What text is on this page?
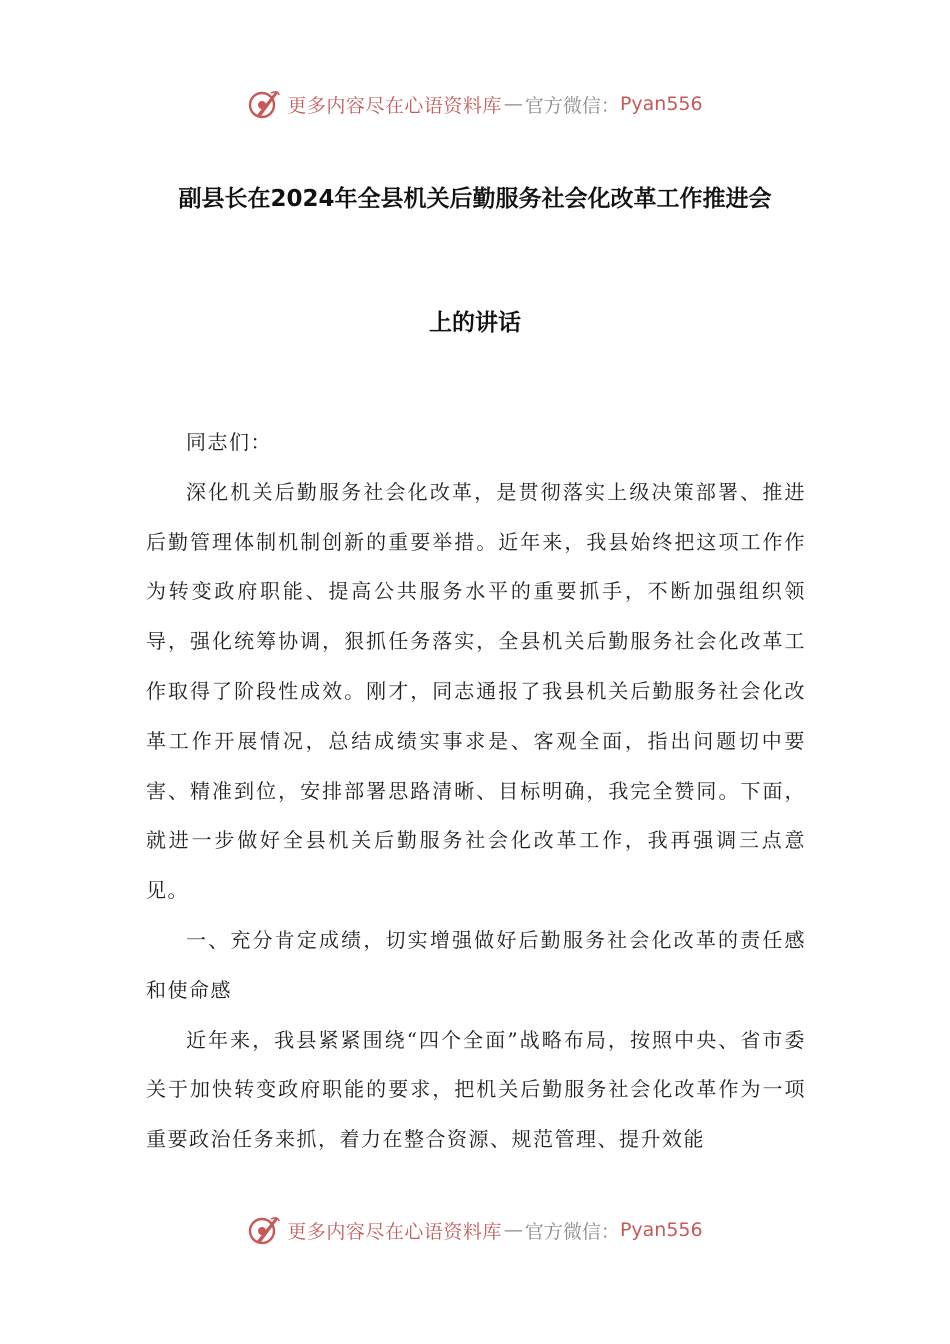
更多内容尽在心语资料库 — 官方微信： Pyan556
副县长在2024年全县机关后勤服务社会化改革工作推进会
上的讲话

同志们：

深化机关后勤服务社会化改革，是贯彻落实上级决策部署、推进后勤管理体制机制创新的重要举措。近年来，我县始终把这项工作作为转变政府职能、提高公共服务水平的重要抓手，不断加强组织领导，强化统筹协调，狠抓任务落实，全县机关后勤服务社会化改革工作取得了阶段性成效。刚才，同志通报了我县机关后勤服务社会化改革工作开展情况，总结成绩实事求是、客观全面，指出问题切中要害、精准到位，安排部署思路清晰、目标明确，我完全赞同。下面，就进一步做好全县机关后勤服务社会化改革工作，我再强调三点意见。

一、充分肯定成绩，切实增强做好后勤服务社会化改革的责任感和使命感

近年来，我县紧紧围绕“四个全面”战略布局，按照中央、省市委关于加快转变政府职能的要求，把机关后勤服务社会化改革作为一项重要政治任务来抓，着力在整合资源、规范管理、提升效能

更多内容尽在心语资料库 — 官方微信： Pyan556
